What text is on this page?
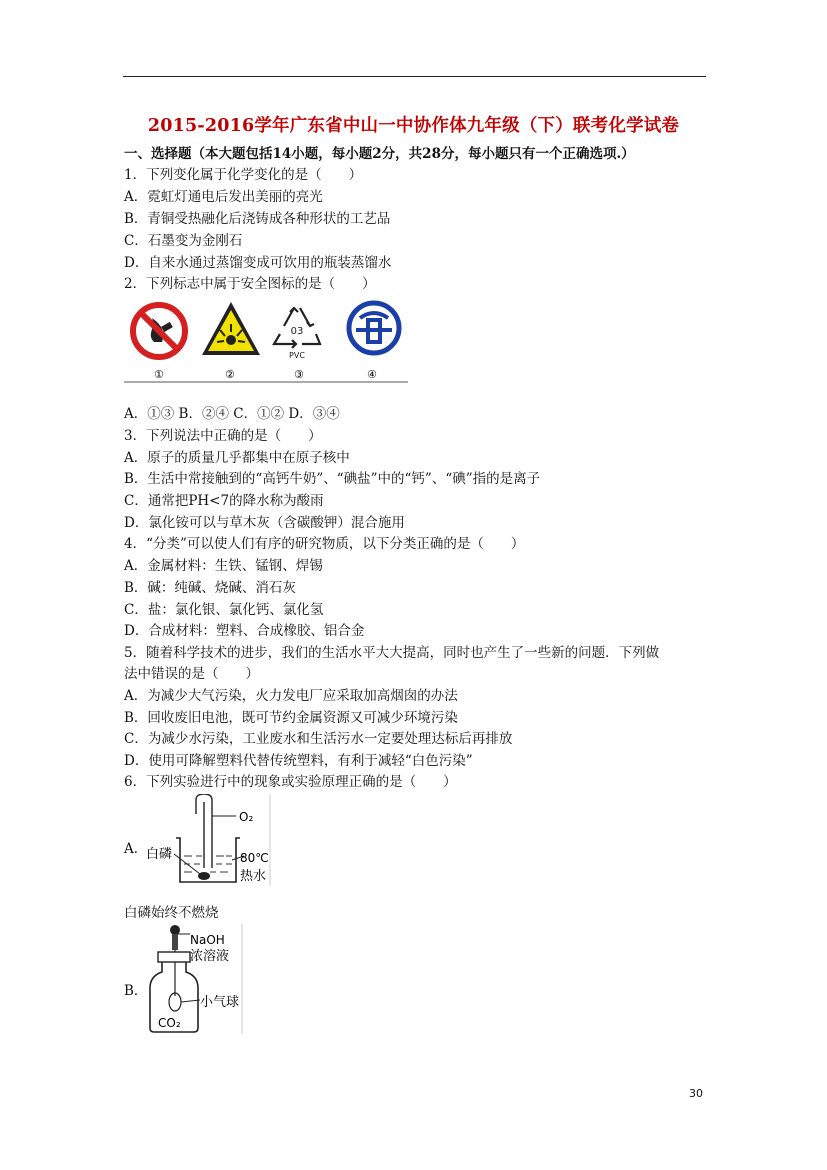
2015-2016学年广东省中山一中协作体九年级（下）联考化学试卷
一、选择题（本大题包括14小题，每小题2分，共28分，每小题只有一个正确选项.）
1．下列变化属于化学变化的是（　　）
A．霓虹灯通电后发出美丽的亮光
B．青铜受热融化后浇铸成各种形状的工艺品
C．石墨变为金刚石
D．自来水通过蒸馏变成可饮用的瓶装蒸馏水
2．下列标志中属于安全图标的是（　　）
03
PVC
①	②	③	④
A．①③ B．②④ C．①② D．③④
3．下列说法中正确的是（　　）
A．原子的质量几乎都集中在原子核中
B．生活中常接触到的“高钙牛奶”、“碘盐”中的“钙”、“碘”指的是离子
C．通常把PH<7的降水称为酸雨
D．氯化铵可以与草木灰（含碳酸钾）混合施用
4．“分类”可以使人们有序的研究物质，以下分类正确的是（　　）
A．金属材料：生铁、锰钢、焊锡
B．碱：纯碱、烧碱、消石灰
C．盐：氯化银、氯化钙、氯化氢
D．合成材料：塑料、合成橡胶、铝合金
5．随着科学技术的进步，我们的生活水平大大提高，同时也产生了一些新的问题．下列做
法中错误的是（　　）
A．为减少大气污染，火力发电厂应采取加高烟囱的办法
B．回收废旧电池，既可节约金属资源又可减少环境污染
C．为减少水污染，工业废水和生活污水一定要处理达标后再排放
D．使用可降解塑料代替传统塑料，有利于减轻“白色污染”
6．下列实验进行中的现象或实验原理正确的是（　　）
A．
O₂
白磷	80℃
热水
白磷始终不燃烧
B．
NaOH
浓溶液
小气球
CO₂
30
